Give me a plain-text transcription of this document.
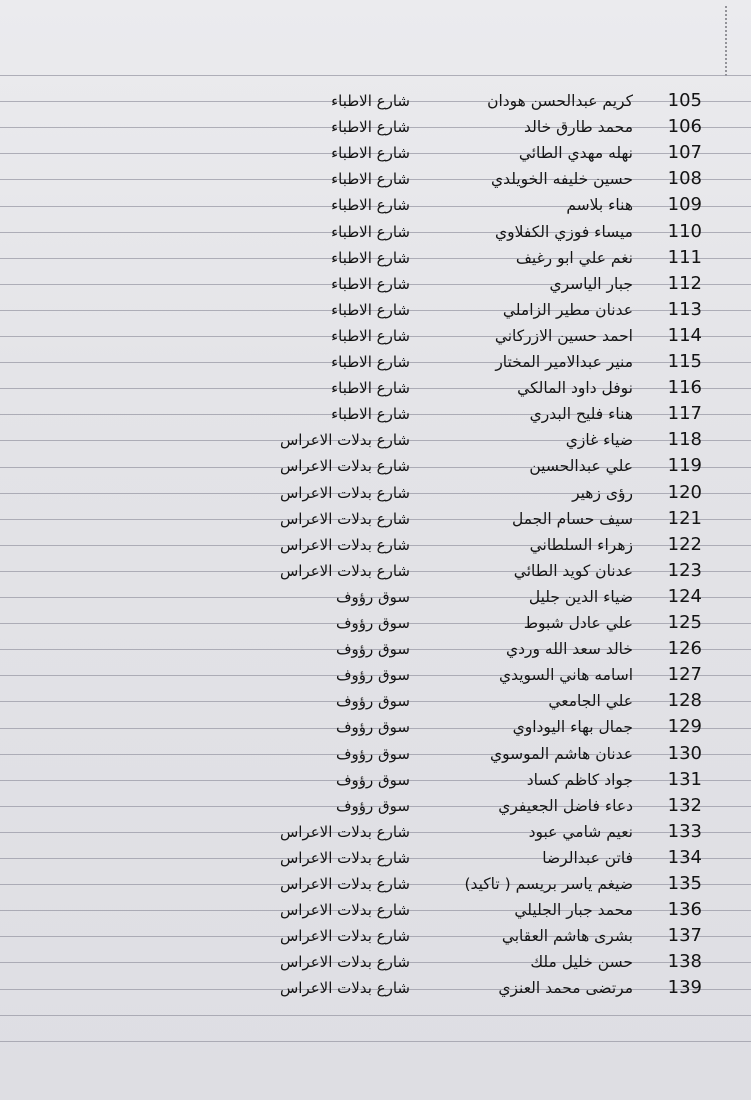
شارع الاطباء	كريم عبدالحسن هودان	105
شارع الاطباء	محمد طارق خالد	106
شارع الاطباء	نهله مهدي الطائي	107
شارع الاطباء	حسين خليفه الخويلدي	108
شارع الاطباء	هناء بلاسم	109
شارع الاطباء	ميساء فوزي الكفلاوي	110
شارع الاطباء	نغم علي ابو رغيف	111
شارع الاطباء	جبار الياسري	112
شارع الاطباء	عدنان مطير الزاملي	113
شارع الاطباء	احمد حسين الازركاني	114
شارع الاطباء	منير عبدالامير المختار	115
شارع الاطباء	نوفل داود المالكي	116
شارع الاطباء	هناء فليح البدري	117
شارع بدلات الاعراس	ضياء غازي	118
شارع بدلات الاعراس	علي عبدالحسين	119
شارع بدلات الاعراس	رؤى زهير	120
شارع بدلات الاعراس	سيف حسام الجمل	121
شارع بدلات الاعراس	زهراء السلطاني	122
شارع بدلات الاعراس	عدنان كويد الطائي	123
سوق رؤوف	ضياء الدين جليل	124
سوق رؤوف	علي عادل شبوط	125
سوق رؤوف	خالد سعد الله وردي	126
سوق رؤوف	اسامه هاني السويدي	127
سوق رؤوف	علي الجامعي	128
سوق رؤوف	جمال بهاء اليوداوي	129
سوق رؤوف	عدنان هاشم الموسوي	130
سوق رؤوف	جواد كاظم كساد	131
سوق رؤوف	دعاء فاضل الجعيفري	132
شارع بدلات الاعراس	نعيم شامي عبود	133
شارع بدلات الاعراس	فاتن عبدالرضا	134
شارع بدلات الاعراس	ضيغم ياسر بريسم ( تاكيد)	135
شارع بدلات الاعراس	محمد جبار الجليلي	136
شارع بدلات الاعراس	بشرى هاشم العقابي	137
شارع بدلات الاعراس	حسن خليل ملك	138
شارع بدلات الاعراس	مرتضى محمد العنزي	139
